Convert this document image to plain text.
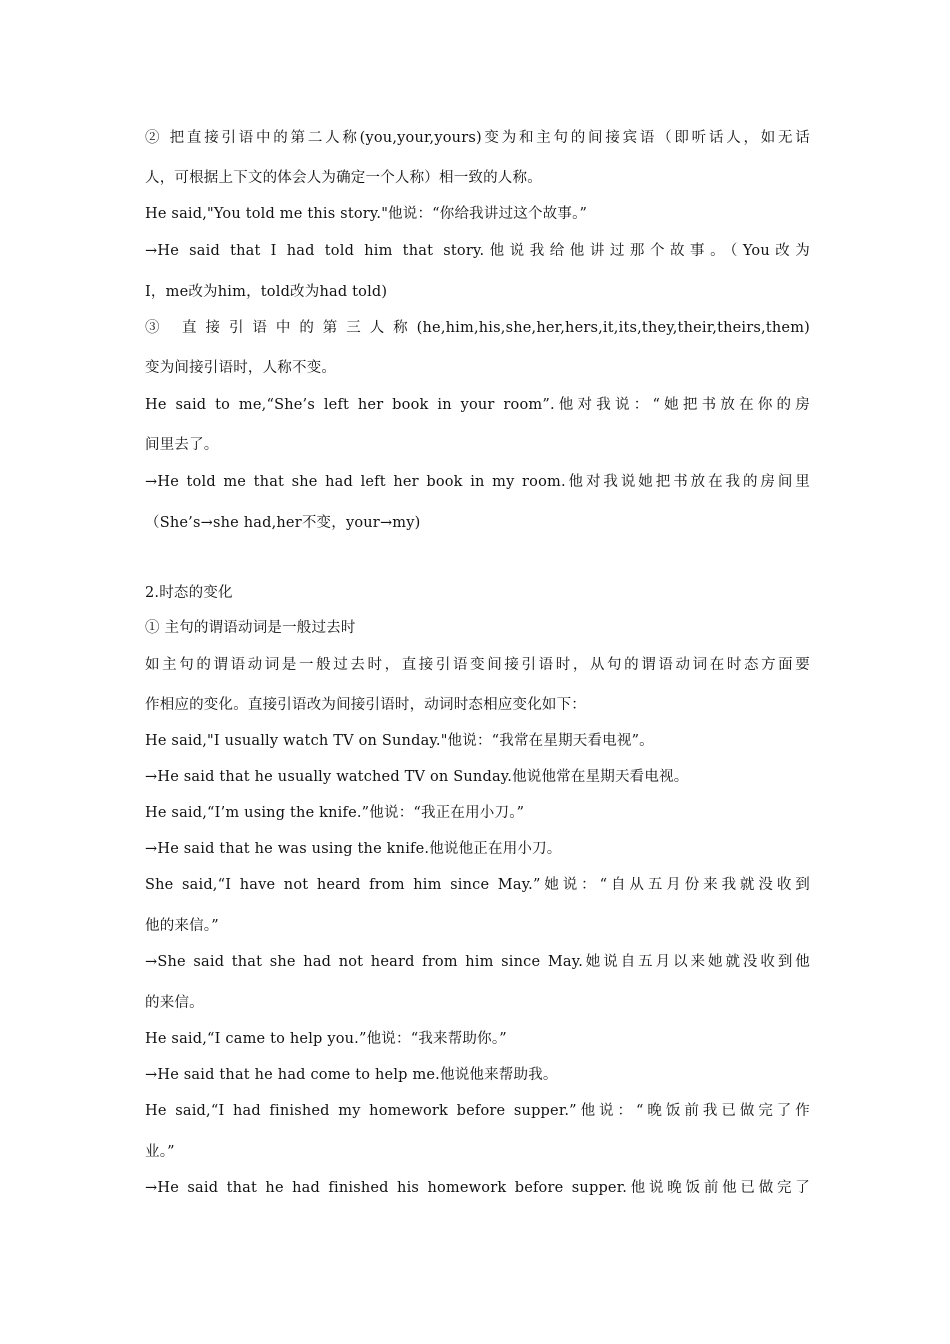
② 把直接引语中的第二人称(you,your,yours)变为和主句的间接宾语（即听话人，如无话
人，可根据上下文的体会人为确定一个人称）相一致的人称。
He said,"You told me this story."他说：“你给我讲过这个故事。”
→He said that I had told him that story.他说我给他讲过那个故事。（You改为
I，me改为him，told改为had told)
③ 直接引语中的第三人称(he,him,his,she,her,hers,it,its,they,their,theirs,them)
变为间接引语时，人称不变。
He said to me,“She’s left her book in your room”.他对我说：“她把书放在你的房
间里去了。
→He told me that she had left her book in my room.他对我说她把书放在我的房间里
（She’s→she had,her不变，your→my)
2.时态的变化
① 主句的谓语动词是一般过去时
如主句的谓语动词是一般过去时，直接引语变间接引语时，从句的谓语动词在时态方面要
作相应的变化。直接引语改为间接引语时，动词时态相应变化如下：
He said,"I usually watch TV on Sunday."他说：“我常在星期天看电视”。
→He said that he usually watched TV on Sunday.他说他常在星期天看电视。
He said,“I’m using the knife.”他说：“我正在用小刀。”
→He said that he was using the knife.他说他正在用小刀。
She said,“I have not heard from him since May.”她说：“自从五月份来我就没收到
他的来信。”
→She said that she had not heard from him since May.她说自五月以来她就没收到他
的来信。
He said,“I came to help you.”他说：“我来帮助你。”
→He said that he had come to help me.他说他来帮助我。
He said,“I had finished my homework before supper.”他说：“晚饭前我已做完了作
业。”
→He said that he had finished his homework before supper.他说晚饭前他已做完了
